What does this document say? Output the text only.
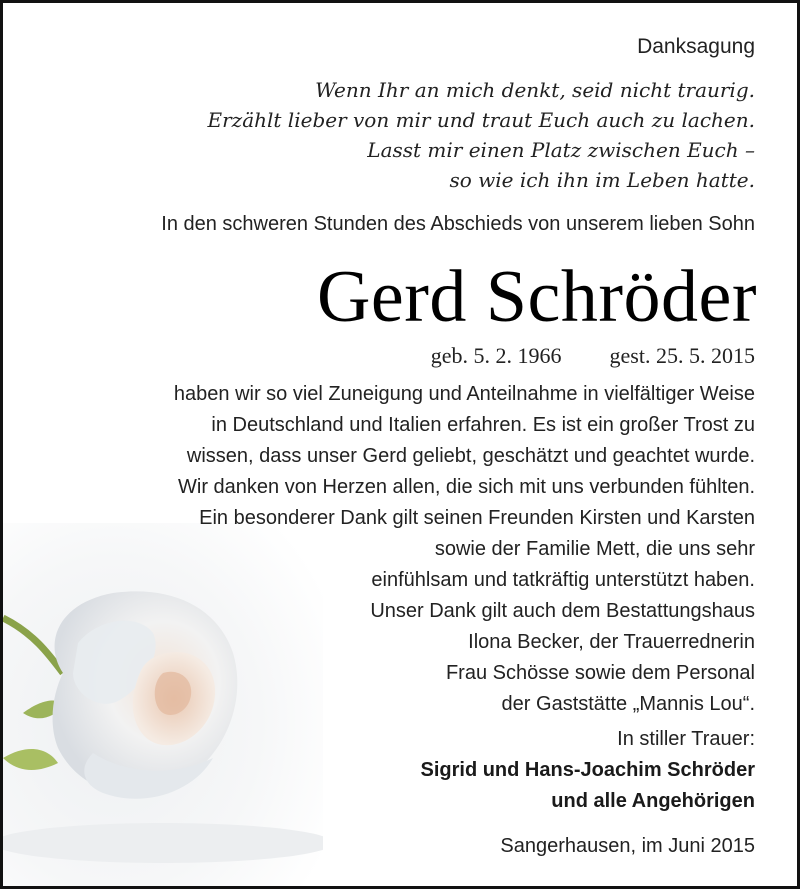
Danksagung

Wenn Ihr an mich denkt, seid nicht traurig.

Erzählt lieber von mir und traut Euch auch zu lachen.

Lasst mir einen Platz zwischen Euch –

so wie ich ihn im Leben hatte.

In den schweren Stunden des Abschieds von unserem lieben Sohn

Gerd Schröder

geb. 5. 2. 1966 gest. 25. 5. 2015

haben wir so viel Zuneigung und Anteilnahme in vielfältiger Weise

in Deutschland und Italien erfahren. Es ist ein großer Trost zu

wissen, dass unser Gerd geliebt, geschätzt und geachtet wurde.

Wir danken von Herzen allen, die sich mit uns verbunden fühlten.

Ein besonderer Dank gilt seinen Freunden Kirsten und Karsten

sowie der Familie Mett, die uns sehr

einfühlsam und tatkräftig unterstützt haben.

Unser Dank gilt auch dem Bestattungshaus

Ilona Becker, der Trauerrednerin

Frau Schösse sowie dem Personal

der Gaststätte „Mannis Lou“.

In stiller Trauer:

Sigrid und Hans-Joachim Schröder

und alle Angehörigen

Sangerhausen, im Juni 2015
